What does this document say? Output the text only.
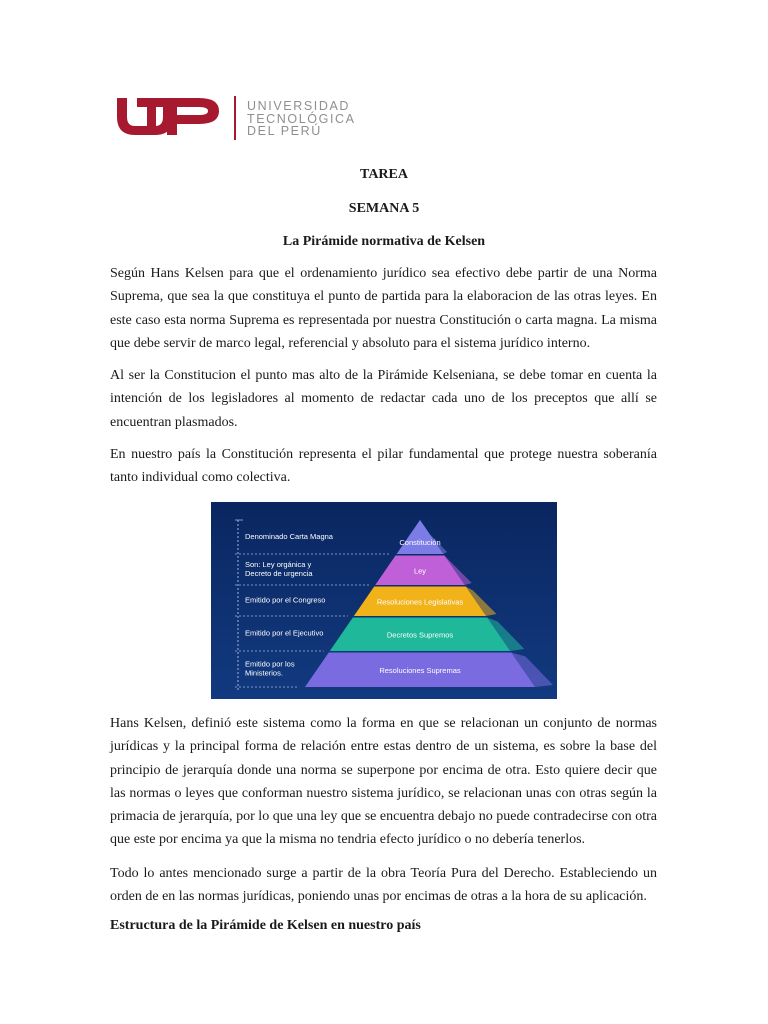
UNIVERSIDAD
TECNOLÓGICA
DEL PERÚ
TAREA
SEMANA 5
La Pirámide normativa de Kelsen

Según Hans Kelsen para que el ordenamiento jurídico sea efectivo debe partir de una Norma Suprema, que sea la que constituya el punto de partida para la elaboracion de las otras leyes. En este caso esta norma Suprema es representada por nuestra Constitución o carta magna. La misma que debe servir de marco legal, referencial y absoluto para el sistema jurídico interno.

Al ser la Constitucion el punto mas alto de la Pirámide Kelseniana, se debe tomar en cuenta la intención de los legisladores al momento de redactar cada uno de los preceptos que allí se encuentran plasmados.

En nuestro país la Constitución representa el pilar fundamental que protege nuestra soberanía tanto individual como colectiva.

Constitución
Denominado Carta Magna
Ley
Son: Ley orgánica y
Decreto de urgencia
Resoluciones Legislativas
Emitido por el Congreso
Decretos Supremos
Emitido por el Ejecutivo
Resoluciones Supremas
Emitido por los
Ministerios.

Hans Kelsen, definió este sistema como la forma en que se relacionan un conjunto de normas jurídicas y la principal forma de relación entre estas dentro de un sistema, es sobre la base del principio de jerarquía donde una norma se superpone por encima de otra. Esto quiere decir que las normas o leyes que conforman nuestro sistema jurídico, se relacionan unas con otras según la primacia de jerarquía, por lo que una ley que se encuentra debajo no puede contradecirse con otra que este por encima ya que la misma no tendria efecto jurídico o no debería tenerlos.

Todo lo antes mencionado surge a partir de la obra Teoría Pura del Derecho. Estableciendo un orden de en las normas jurídicas, poniendo unas por encimas de otras a la hora de su aplicación.

Estructura de la Pirámide de Kelsen en nuestro país
